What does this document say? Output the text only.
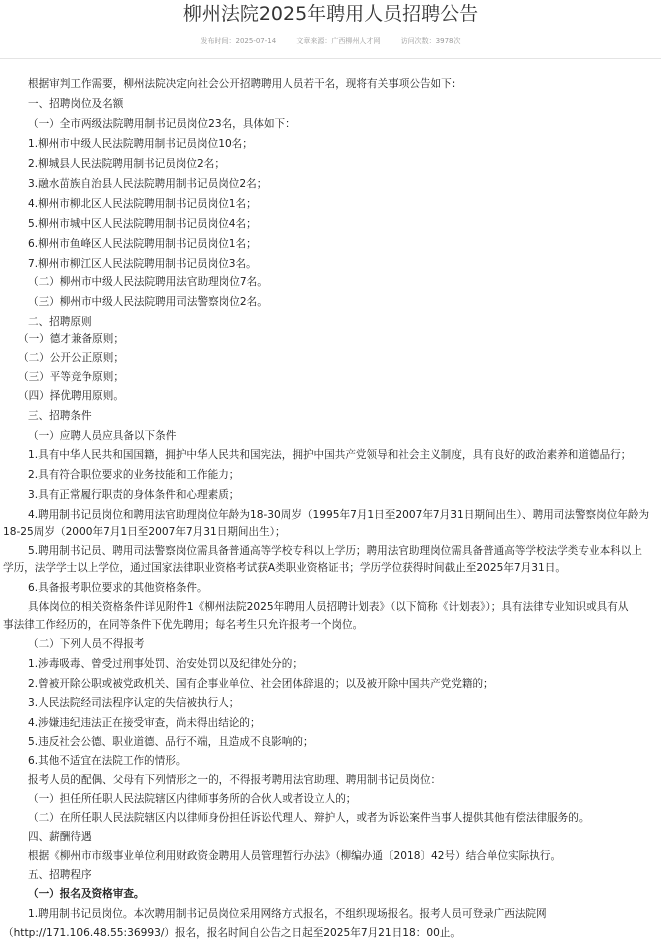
柳州法院2025年聘用人员招聘公告
发布时间：2025-07-14	文章来源：广西柳州人才网	访问次数：3978次
根据审判工作需要，柳州法院决定向社会公开招聘聘用人员若干名，现将有关事项公告如下:
一、招聘岗位及名额
（一）全市两级法院聘用制书记员岗位23名，具体如下：
1.柳州市中级人民法院聘用制书记员岗位10名；
2.柳城县人民法院聘用制书记员岗位2名；
3.融水苗族自治县人民法院聘用制书记员岗位2名；
4.柳州市柳北区人民法院聘用制书记员岗位1名；
5.柳州市城中区人民法院聘用制书记员岗位4名；
6.柳州市鱼峰区人民法院聘用制书记员岗位1名；
7.柳州市柳江区人民法院聘用制书记员岗位3名。
（二）柳州市中级人民法院聘用法官助理岗位7名。
（三）柳州市中级人民法院聘用司法警察岗位2名。
二、招聘原则
（一）德才兼备原则；
（二）公开公正原则；
（三）平等竞争原则；
（四）择优聘用原则。
三、招聘条件
（一）应聘人员应具备以下条件
1.具有中华人民共和国国籍，拥护中华人民共和国宪法，拥护中国共产党领导和社会主义制度，具有良好的政治素养和道德品行；
2.具有符合职位要求的业务技能和工作能力；
3.具有正常履行职责的身体条件和心理素质；
4.聘用制书记员岗位和聘用法官助理岗位年龄为18-30周岁（1995年7月1日至2007年7月31日期间出生）、聘用司法警察岗位年龄为
18-25周岁（2000年7月1日至2007年7月31日期间出生）；
5.聘用制书记员、聘用司法警察岗位需具备普通高等学校专科以上学历；聘用法官助理岗位需具备普通高等学校法学类专业本科以上
学历，法学学士以上学位，通过国家法律职业资格考试获A类职业资格证书；学历学位获得时间截止至2025年7月31日。
6.具备报考职位要求的其他资格条件。
具体岗位的相关资格条件详见附件1《柳州法院2025年聘用人员招聘计划表》（以下简称《计划表》）；具有法律专业知识或具有从
事法律工作经历的，在同等条件下优先聘用；每名考生只允许报考一个岗位。
（二）下列人员不得报考
1.涉毒吸毒、曾受过刑事处罚、治安处罚以及纪律处分的；
2.曾被开除公职或被党政机关、国有企事业单位、社会团体辞退的；以及被开除中国共产党党籍的；
3.人民法院经司法程序认定的失信被执行人；
4.涉嫌违纪违法正在接受审查，尚未得出结论的；
5.违反社会公德、职业道德、品行不端，且造成不良影响的；
6.其他不适宜在法院工作的情形。
报考人员的配偶、父母有下列情形之一的，不得报考聘用法官助理、聘用制书记员岗位：
（一）担任所任职人民法院辖区内律师事务所的合伙人或者设立人的；
（二）在所任职人民法院辖区内以律师身份担任诉讼代理人、辩护人，或者为诉讼案件当事人提供其他有偿法律服务的。
四、薪酬待遇
根据《柳州市市级事业单位利用财政资金聘用人员管理暂行办法》（柳编办通〔2018〕42号）结合单位实际执行。
五、招聘程序
（一）报名及资格审查。
1.聘用制书记员岗位。本次聘用制书记员岗位采用网络方式报名，不组织现场报名。报考人员可登录广西法院网
（http://171.106.48.55:36993/）报名，报名时间自公告之日起至2025年7月21日18：00止。
